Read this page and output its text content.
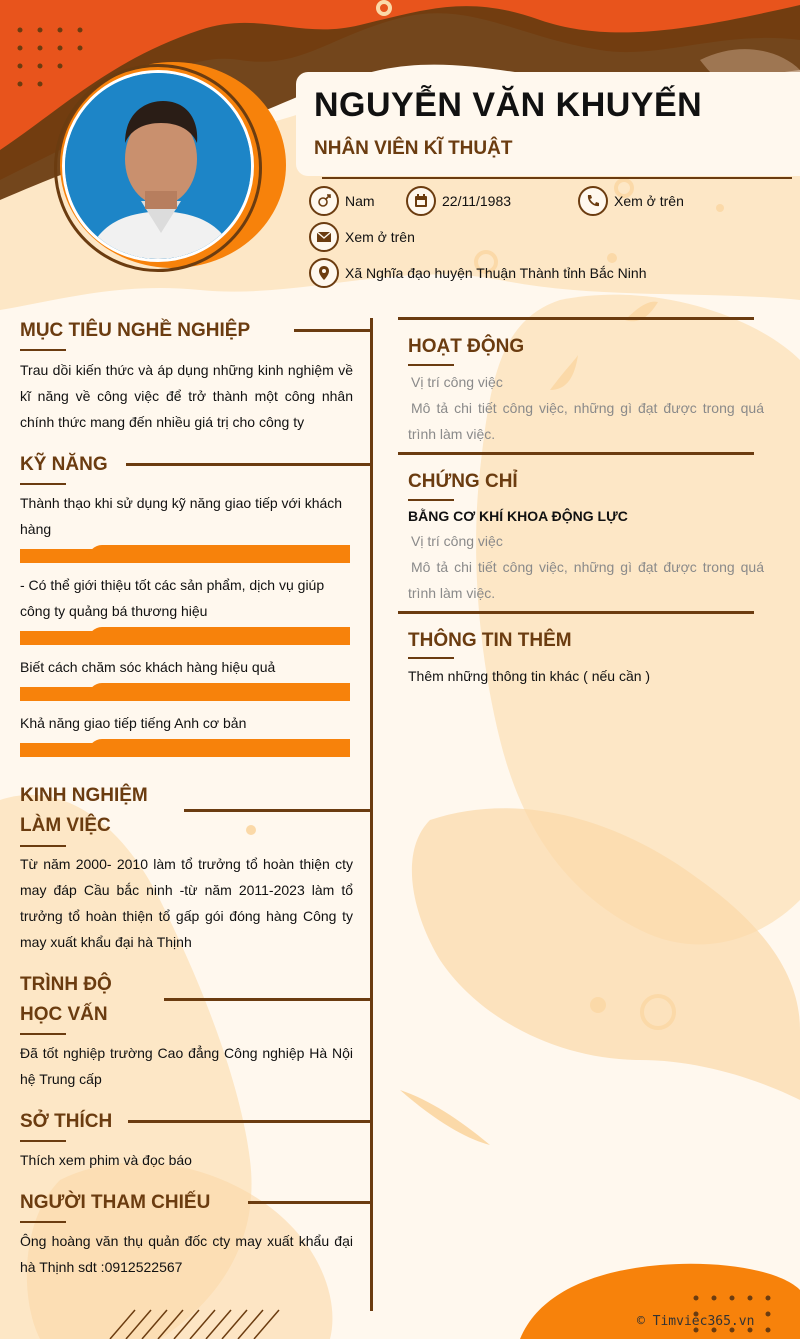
NGUYỄN VĂN KHUYẾN
NHÂN VIÊN KĨ THUẬT
Nam	22/11/1983	Xem ở trên
Xem ở trên
Xã Nghĩa đạo huyện Thuận Thành tỉnh Bắc Ninh
MỤC TIÊU NGHỀ NGHIỆP
Trau dồi kiến thức và áp dụng những kinh nghiệm về kĩ năng về công việc để trở thành một công nhân chính thức mang đến nhiều giá trị cho công ty
KỸ NĂNG
Thành thạo khi sử dụng kỹ năng giao tiếp với khách hàng
- Có thể giới thiệu tốt các sản phẩm, dịch vụ giúp công ty quảng bá thương hiệu
Biết cách chăm sóc khách hàng hiệu quả
Khả năng giao tiếp tiếng Anh cơ bản
KINH NGHIỆM
LÀM VIỆC
Từ năm 2000- 2010 làm tổ trưởng tổ hoàn thiện cty may đáp Cầu bắc ninh -từ năm 2011-2023 làm tổ trưởng tổ hoàn thiện tổ gấp gói đóng hàng Công ty may xuất khẩu đại hà Thịnh
TRÌNH ĐỘ
HỌC VẤN
Đã tốt nghiệp trường Cao đẳng Công nghiệp Hà Nội hệ Trung cấp
SỞ THÍCH
Thích xem phim và đọc báo
NGƯỜI THAM CHIẾU
Ông hoàng văn thụ quản đốc cty may xuất khẩu đại hà Thịnh sdt :0912522567
HOẠT ĐỘNG
Vị trí công việc
Mô tả chi tiết công việc, những gì đạt được trong quá trình làm việc.
CHỨNG CHỈ
BẰNG CƠ KHÍ KHOA ĐỘNG LỰC
Vị trí công việc
Mô tả chi tiết công việc, những gì đạt được trong quá trình làm việc.
THÔNG TIN THÊM
Thêm những thông tin khác ( nếu cần )
© Timviec365.vn
